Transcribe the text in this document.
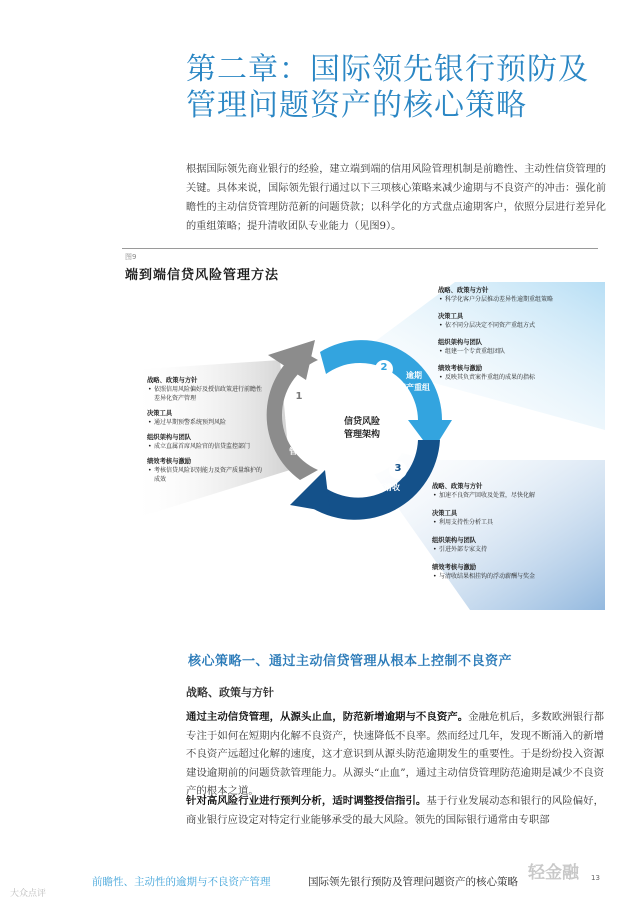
第二章：国际领先银行预防及
管理问题资产的核心策略
根据国际领先商业银行的经验，建立端到端的信用风险管理机制是前瞻性、主动性信贷管理的关键。具体来说，国际领先银行通过以下三项核心策略来减少逾期与不良资产的冲击：强化前瞻性的主动信贷管理防范新的问题贷款；以科学化的方式盘点逾期客户，依照分层进行差异化的重组策略；提升清收团队专业能力（见图9）。
图9
端到端信贷风险管理方法
1
2
3
主动性
信贷
风险
管理
逾期
资产重组
不良资产清收
信贷风险
管理架构
战略、政策与方针
• 依照信用风险偏好及授信政策进行前瞻性差异化资产管理
决策工具
• 通过早期预警系统预判风险
组织架构与团队
• 成立直属首席风险官的信贷监控部门
绩效考核与激励
• 考核信贷风险识别能力及资产质量维护的成效
战略、政策与方针
• 科学化客户分层推动差异性逾期重组策略
决策工具
• 依不同分层决定不同资产重组方式
组织架构与团队
• 组建一个专责重组团队
绩效考核与激励
• 反映其负责案件重组的成果的指标
战略、政策与方针
• 加速不良资产回收及处置，尽快化解
决策工具
• 利用支持性分析工具
组织架构与团队
• 引进外部专家支持
绩效考核与激励
• 与清收结果相挂钩的浮动薪酬与奖金
核心策略一、通过主动信贷管理从根本上控制不良资产
战略、政策与方针
通过主动信贷管理，从源头止血，防范新增逾期与不良资产。金融危机后，多数欧洲银行都专注于如何在短期内化解不良资产，快速降低不良率。然而经过几年，发现不断涌入的新增不良资产远超过化解的速度，这才意识到从源头防范逾期发生的重要性。于是纷纷投入资源建设逾期前的问题贷款管理能力。从源头“止血”，通过主动信贷管理防范逾期是减少不良资产的根本之道。
针对高风险行业进行预判分析，适时调整授信指引。基于行业发展动态和银行的风险偏好，商业银行应设定对特定行业能够承受的最大风险。领先的国际银行通常由专职部
前瞻性、主动性的逾期与不良资产管理	国际领先银行预防及管理问题资产的核心策略	13
轻金融
大众点评
